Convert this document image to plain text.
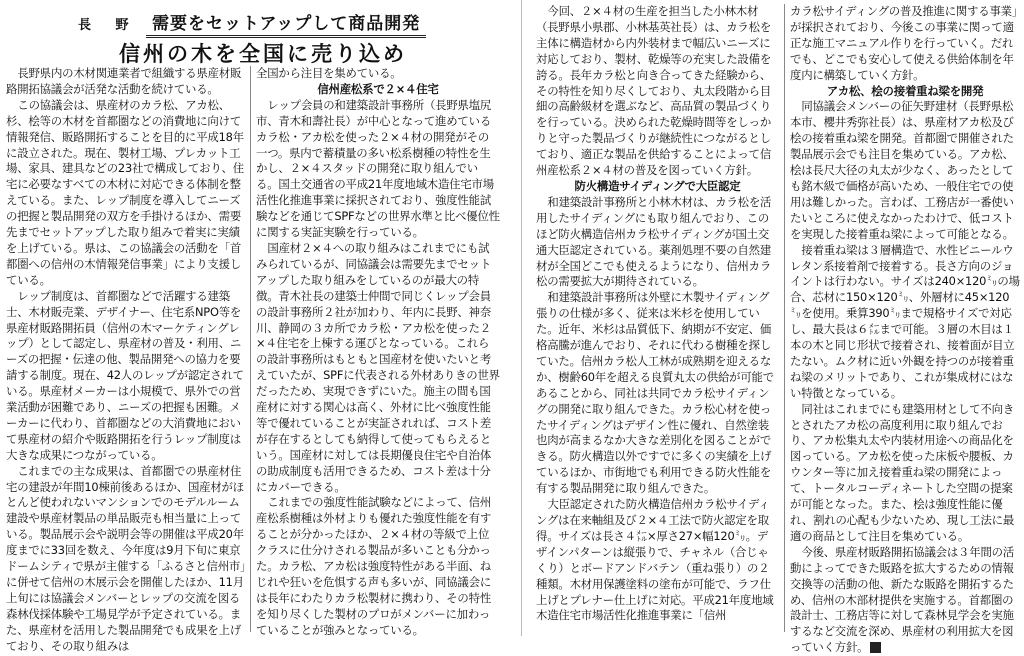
長 野 需要をセットアップして商品開発
信州の木を全国に売り込め

長野県内の木材関連業者で組織する県産材販路開拓協議会が活発な活動を続けている。

この協議会は、県産材のカラ松、アカ松、杉、桧等の木材を首都圏などの消費地に向けて情報発信、販路開拓することを目的に平成18年に設立された。現在、製材工場、プレカット工場、家具、建具などの23社で構成しており、住宅に必要なすべての木材に対応できる体制を整えている。また、レップ制度を導入してニーズの把握と製品開発の双方を手掛けるほか、需要先までセットアップした取り組みで着実に実績を上げている。県は、この協議会の活動を「首都圏への信州の木情報発信事業」により支援している。

レップ制度は、首都圏などで活躍する建築士、木材販売業、デザイナー、住宅系NPO等を県産材販路開拓員（信州の木マーケティングレップ）として認定し、県産材の普及・利用、ニーズの把握・伝達の他、製品開発への協力を要請する制度。現在、42人のレップが認定されている。県産材メーカーは小規模で、県外での営業活動が困難であり、ニーズの把握も困難。メーカーに代わり、首都圏などの大消費地において県産材の紹介や販路開拓を行うレップ制度は大きな成果につながっている。

これまでの主な成果は、首都圏での県産材住宅の建設が年間10棟前後あるほか、国産材がほとんど使われないマンションでのモデルルーム建設や県産材製品の単品販売も相当量に上っている。製品展示会や説明会等の開催は平成20年度までに33回を数え、今年度は9月下旬に東京ドームシティで県が主催する「ふるさと信州市」に併せて信州の木展示会を開催したほか、11月上旬には協議会メンバーとレップの交流を図る森林伐採体験や工場見学が予定されている。また、県産材を活用した製品開発でも成果を上げており、その取り組みは

全国から注目を集めている。

信州産松系で２×４住宅

レップ会員の和建築設計事務所（長野県塩尻市、青木和壽社長）が中心となって進めているカラ松・アカ松を使った２×４材の開発がその一つ。県内で蓄積量の多い松系樹種の特性を生かし、２×４スタッドの開発に取り組んでいる。国土交通省の平成21年度地域木造住宅市場活性化推進事業に採択されており、強度性能試験などを通じてSPFなどの世界水準と比べ優位性に関する実証実験を行っている。

国産材２×４への取り組みはこれまでにも試みられているが、同協議会は需要先までセットアップした取り組みをしているのが最大の特徴。青木社長の建築士仲間で同じくレップ会員の設計事務所２社が加わり、年内に長野、神奈川、静岡の３カ所でカラ松・アカ松を使った２×４住宅を上棟する運びとなっている。これらの設計事務所はもともと国産材を使いたいと考えていたが、SPFに代表される外材ありきの世界だったため、実現できずにいた。施主の間も国産材に対する関心は高く、外材に比べ強度性能等で優れていることが実証されれば、コスト差が存在するとしても納得して使ってもらえるという。国産材に対しては長期優良住宅や自治体の助成制度も活用できるため、コスト差は十分にカバーできる。

これまでの強度性能試験などによって、信州産松系樹種は外材よりも優れた強度性能を有することが分かったほか、２×４材の等級で上位クラスに仕分けされる製品が多いことも分かった。カラ松、アカ松は強度特性がある半面、ねじれや狂いを危惧する声も多いが、同協議会には長年にわたりカラ松製材に携わり、その特性を知り尽くした製材のプロがメンバーに加わっていることが強みとなっている。

今回、２×４材の生産を担当した小林木材（長野県小県郡、小林基英社長）は、カラ松を主体に構造材から内外装材まで幅広いニーズに対応しており、製材、乾燥等の充実した設備を誇る。長年カラ松と向き合ってきた経験から、その特性を知り尽くしており、丸太段階から目細の高齢級材を選ぶなど、高品質の製品づくりを行っている。決められた乾燥時間等をしっかりと守った製品づくりが継続性につながるとしており、適正な製品を供給することによって信州産松系２×４材の普及を図っていく方針。

防火構造サイディングで大臣認定

和建築設計事務所と小林木材は、カラ松を活用したサイディングにも取り組んでおり、このほど防火構造信州カラ松サイディングが国土交通大臣認定されている。薬剤処理不要の自然建材が全国どこでも使えるようになり、信州カラ松の需要拡大が期待されている。

和建築設計事務所は外壁に木製サイディング張りの仕様が多く、従来は米杉を使用していた。近年、米杉は品質低下、納期が不安定、価格高騰が進んでおり、それに代わる樹種を探していた。信州カラ松人工林が成熟期を迎えるなか、樹齢60年を超える良質丸太の供給が可能であることから、同社は共同でカラ松サイディングの開発に取り組んできた。カラ松心材を使ったサイディングはデザイン性に優れ、自然塗装也肉が高まるなか大きな差別化を図ることができる。防火構造以外ですでに多くの実績を上げているほか、市街地でも利用できる防火性能を有する製品開発に取り組んできた。

大臣認定された防火構造信州カラ松サイディングは在来軸組及び２×４工法で防火認定を取得。サイズは長さ４㍍×厚さ27×幅120㍉。デザインパターンは縦張りで、チャネル（合じゃくり）とボードアンドバテン（重ね張り）の２種類。木材用保護塗料の塗布が可能で、ラフ仕上げとプレナー仕上げに対応。平成21年度地域木造住宅市場活性化推進事業に「信州

カラ松サイディングの普及推進に関する事業」が採択されており、今後この事業に関って適正な施工マニュアル作りを行っていく。だれでも、どこでも安心して使える供給体制を年度内に構築していく方針。

アカ松、桧の接着重ね梁を開発

同協議会メンバーの征矢野建材（長野県松本市、櫻井秀弥社長）は、県産材アカ松及び桧の接着重ね梁を開発。首都圏で開催された製品展示会でも注目を集めている。アカ松、桧は長尺大径の丸太が少なく、あったとしても銘木級で価格が高いため、一般住宅での使用は難しかった。言わば、工務店が一番使いたいところに使えなかったわけで、低コストを実現した接着重ね梁によって可能となる。

接着重ね梁は３層構造で、水性ビニールウレタン系接着剤で接着する。長さ方向のジョイントは行わない。サイズは240×120㍉の場合、芯材に150×120㍉、外層材に45×120㍉を使用。乗算390㍉まで規格サイズで対応し、最大長は６㍍まで可能。３層の木目は１本の木と同じ形状で接着され、接着面が目立たない。ムク材に近い外観を持つのが接着重ね梁のメリットであり、これが集成材にはない特徴となっている。

同社はこれまでにも建築用材として不向きとされたアカ松の高度利用に取り組んでおり、アカ松集丸太や内装材用途への商品化を図っている。アカ松を使った床板や腰板、カウンター等に加え接着重ね梁の開発によって、トータルコーディネートした空間の提案が可能となった。また、桧は強度性能に優れ、割れの心配も少ないため、現し工法に最適の商品として注目を集めている。

今後、県産材販路開拓協議会は３年間の活動によってできた販路を拡大するための情報交換等の活動の他、新たな販路を開拓するため、信州の木部材提供を実施する。首都圏の設計士、工務店等に対して森林見学会を実施するなど交流を深め、県産材の利用拡大を図っていく方針。
